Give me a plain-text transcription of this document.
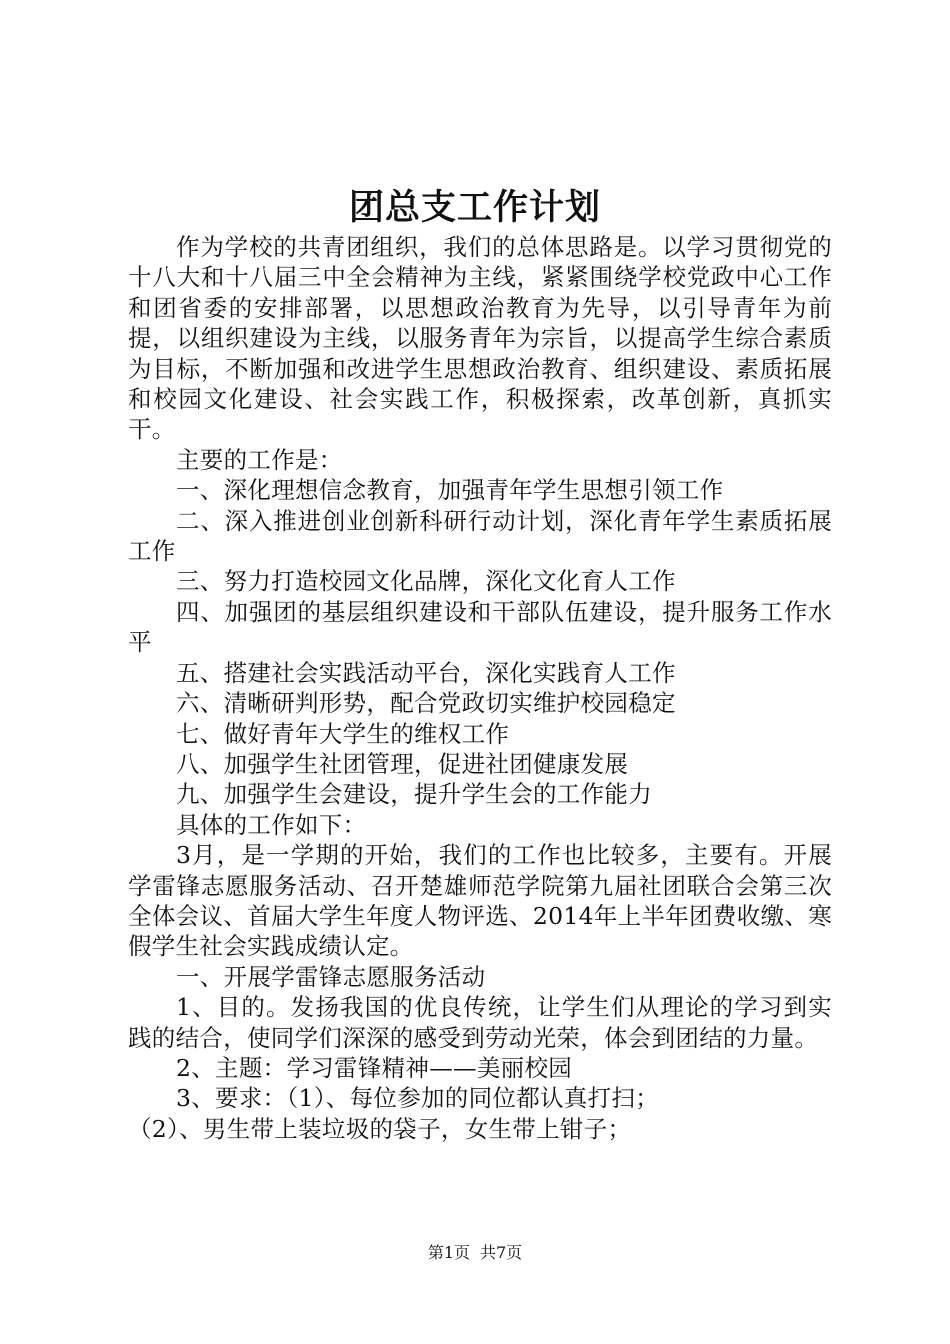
团总支工作计划

作为学校的共青团组织，我们的总体思路是。以学习贯彻党的十八大和十八届三中全会精神为主线，紧紧围绕学校党政中心工作和团省委的安排部署，以思想政治教育为先导，以引导青年为前提，以组织建设为主线，以服务青年为宗旨，以提高学生综合素质为目标，不断加强和改进学生思想政治教育、组织建设、素质拓展和校园文化建设、社会实践工作，积极探索，改革创新，真抓实干。

主要的工作是：

一、深化理想信念教育，加强青年学生思想引领工作

二、深入推进创业创新科研行动计划，深化青年学生素质拓展工作

三、努力打造校园文化品牌，深化文化育人工作

四、加强团的基层组织建设和干部队伍建设，提升服务工作水平

五、搭建社会实践活动平台，深化实践育人工作

六、清晰研判形势，配合党政切实维护校园稳定

七、做好青年大学生的维权工作

八、加强学生社团管理，促进社团健康发展

九、加强学生会建设，提升学生会的工作能力

具体的工作如下：

3月，是一学期的开始，我们的工作也比较多，主要有。开展学雷锋志愿服务活动、召开楚雄师范学院第九届社团联合会第三次全体会议、首届大学生年度人物评选、2014年上半年团费收缴、寒假学生社会实践成绩认定。

一、开展学雷锋志愿服务活动

1、目的。发扬我国的优良传统，让学生们从理论的学习到实践的结合，使同学们深深的感受到劳动光荣，体会到团结的力量。

2、主题：学习雷锋精神——美丽校园

3、要求：（1）、每位参加的同位都认真打扫；

（2）、男生带上装垃圾的袋子，女生带上钳子；

第1页 共7页
